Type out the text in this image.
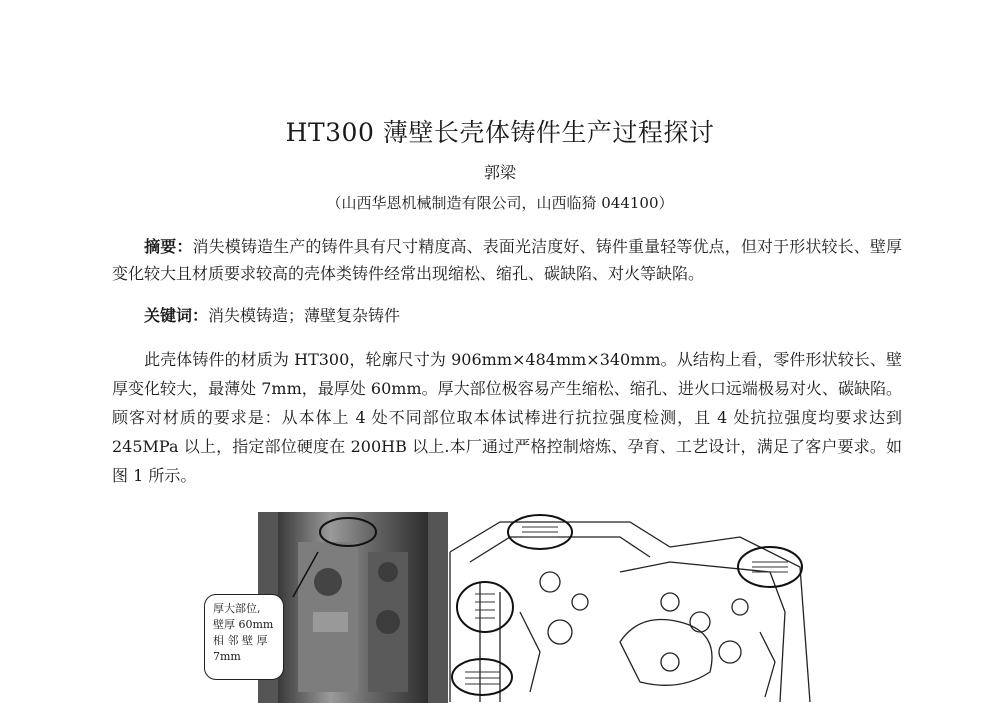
HT300 薄壁长壳体铸件生产过程探讨
郭梁
（山西华恩机械制造有限公司，山西临猗 044100）

摘要：消失模铸造生产的铸件具有尺寸精度高、表面光洁度好、铸件重量轻等优点，但对于形状较长、壁厚变化较大且材质要求较高的壳体类铸件经常出现缩松、缩孔、碳缺陷、对火等缺陷。

关键词：消失模铸造；薄壁复杂铸件

此壳体铸件的材质为 HT300，轮廓尺寸为 906mm×484mm×340mm。从结构上看，零件形状较长、壁厚变化较大，最薄处 7mm，最厚处 60mm。厚大部位极容易产生缩松、缩孔、进火口远端极易对火、碳缺陷。顾客对材质的要求是：从本体上 4 处不同部位取本体试棒进行抗拉强度检测，且 4 处抗拉强度均要求达到 245MPa 以上，指定部位硬度在 200HB 以上.本厂通过严格控制熔炼、孕育、工艺设计，满足了客户要求。如图 1 所示。

厚大部位,
壁厚 60mm
相 邻 壁 厚
7mm
